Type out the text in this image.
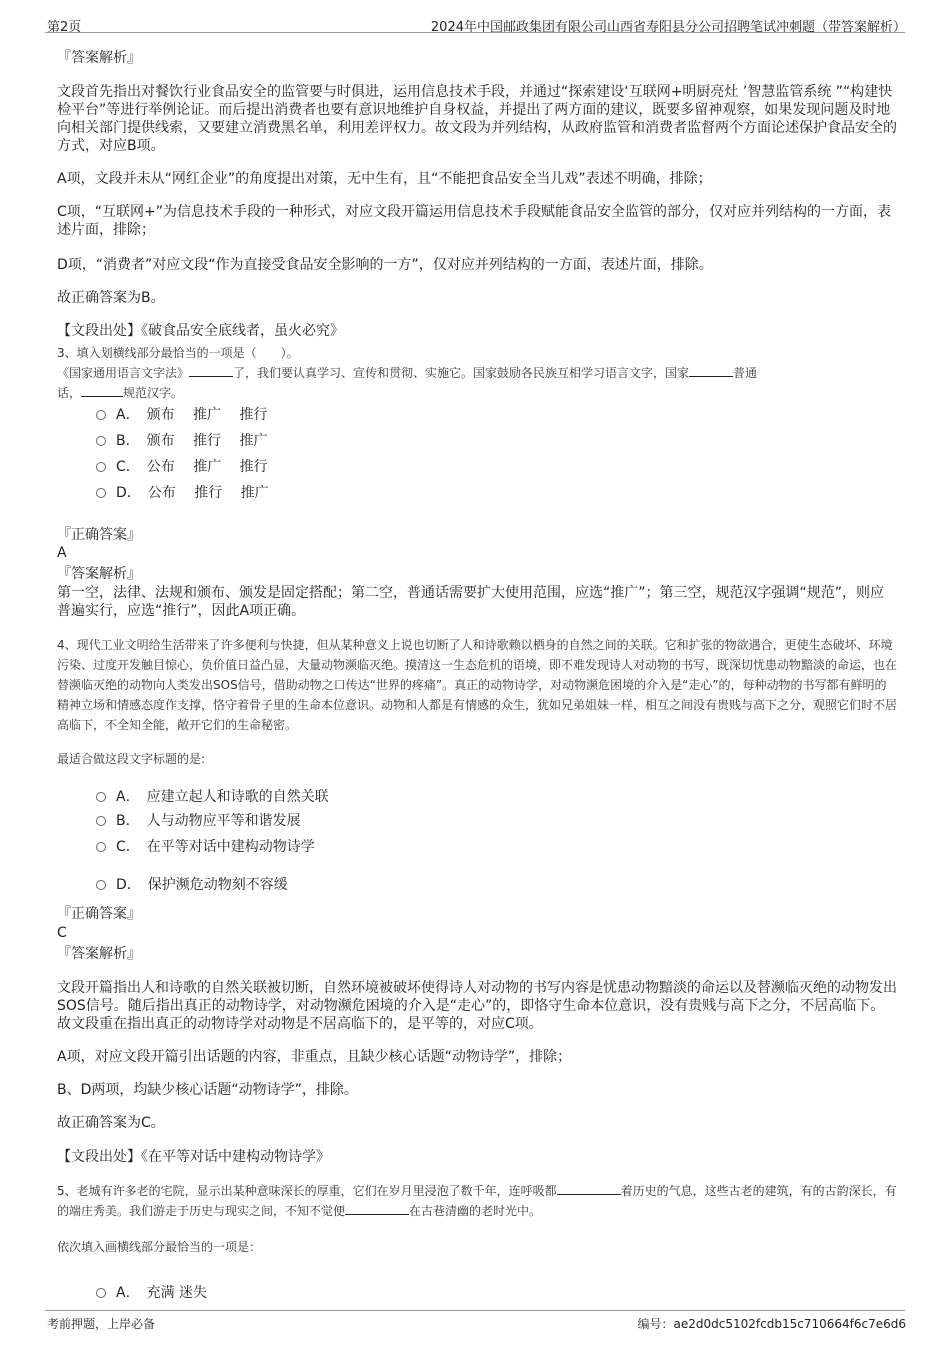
第2页	2024年中国邮政集团有限公司山西省寿阳县分公司招聘笔试冲刺题（带答案解析）

『答案解析』

文段首先指出对餐饮行业食品安全的监管要与时俱进，运用信息技术手段，并通过“探索建设‘互联网+明厨亮灶 ’智慧监管系统 ”“构建快检平台”等进行举例论证。而后提出消费者也要有意识地维护自身权益，并提出了两方面的建议，既要多留神观察，如果发现问题及时地向相关部门提供线索，又要建立消费黑名单，利用差评权力。故文段为并列结构，从政府监管和消费者监督两个方面论述保护食品安全的方式，对应B项。

A项，文段并未从“网红企业”的角度提出对策，无中生有，且“不能把食品安全当儿戏”表述不明确，排除；

C项，“互联网+”为信息技术手段的一种形式，对应文段开篇运用信息技术手段赋能食品安全监管的部分，仅对应并列结构的一方面，表述片面，排除；

D项，“消费者”对应文段“作为直接受食品安全影响的一方”，仅对应并列结构的一方面，表述片面，排除。

故正确答案为B。

【文段出处】《破食品安全底线者，虽火必究》

3、填入划横线部分最恰当的一项是（　　）。

《国家通用语言文字法》	了，我们要认真学习、宣传和贯彻、实施它。国家鼓励各民族互相学习语言文字，国家	普通
话，	规范汉字。

A．　颁布　 推广　 推行
B．　颁布　 推行　 推广
C．　公布　 推广　 推行
D．　公布　 推行　 推广

『正确答案』

A

『答案解析』

第一空，法律、法规和颁布、颁发是固定搭配；第二空，普通话需要扩大使用范围，应选“推广”；第三空，规范汉字强调“规范”，则应普遍实行，应选“推行”，因此A项正确。

4、现代工业文明给生活带来了许多便利与快捷，但从某种意义上说也切断了人和诗歌赖以栖身的自然之间的关联。它和扩张的物欲遇合，更使生态破坏、环境污染、过度开发触目惊心，负价值日益凸显，大量动物濒临灭绝。摸清这一生态危机的语境，即不难发现诗人对动物的书写，既深切忧患动物黯淡的命运，也在替濒临灭绝的动物向人类发出SOS信号，借助动物之口传达“世界的疼痛”。真正的动物诗学，对动物濒危困境的介入是“走心”的，每种动物的书写都有鲜明的精神立场和情感态度作支撑，恪守着骨子里的生命本位意识。动物和人都是有情感的众生，犹如兄弟姐妹一样，相互之间没有贵贱与高下之分，观照它们时不居高临下，不全知全能，敞开它们的生命秘密。

最适合做这段文字标题的是:

A．　应建立起人和诗歌的自然关联
B．　人与动物应平等和谐发展
C．　在平等对话中建构动物诗学
D．　保护濒危动物刻不容缓

『正确答案』

C

『答案解析』

文段开篇指出人和诗歌的自然关联被切断，自然环境被破坏使得诗人对动物的书写内容是忧患动物黯淡的命运以及替濒临灭绝的动物发出SOS信号。随后指出真正的动物诗学，对动物濒危困境的介入是“走心”的，即恪守生命本位意识，没有贵贱与高下之分，不居高临下。故文段重在指出真正的动物诗学对动物是不居高临下的，是平等的，对应C项。

A项，对应文段开篇引出话题的内容，非重点，且缺少核心话题“动物诗学”，排除；

B、D两项，均缺少核心话题“动物诗学”，排除。

故正确答案为C。

【文段出处】《在平等对话中建构动物诗学》

5、老城有许多老的宅院，显示出某种意味深长的厚重，它们在岁月里浸泡了数千年，连呼吸都	着历史的气息，这些古老的建筑，有的古韵深长，有的端庄秀美。我们游走于历史与现实之间，不知不觉便	在古巷清幽的老时光中。

依次填入画横线部分最恰当的一项是：

A．　充满 迷失
考前押题，上岸必备	编号：ae2d0dc5102fcdb15c710664f6c7e6d6
